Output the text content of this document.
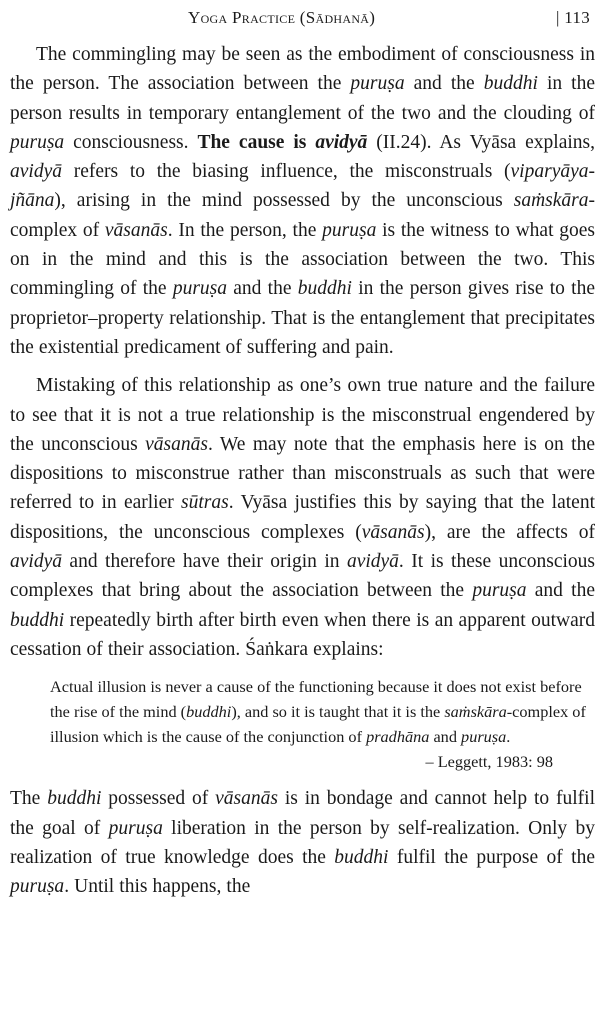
Yoga Practice (Sādhanā)	| 113

The commingling may be seen as the embodiment of consciousness in the person. The association between the puruṣa and the buddhi in the person results in temporary entanglement of the two and the clouding of puruṣa consciousness. The cause is avidyā (II.24). As Vyāsa explains, avidyā refers to the biasing influence, the misconstruals (viparyāya-jñāna), arising in the mind possessed by the unconscious saṁskāra-complex of vāsanās. In the person, the puruṣa is the witness to what goes on in the mind and this is the association between the two. This commingling of the puruṣa and the buddhi in the person gives rise to the proprietor–property relationship. That is the entanglement that precipitates the existential predicament of suffering and pain.

Mistaking of this relationship as one’s own true nature and the failure to see that it is not a true relationship is the misconstrual engendered by the unconscious vāsanās. We may note that the emphasis here is on the dispositions to misconstrue rather than misconstruals as such that were referred to in earlier sūtras. Vyāsa justifies this by saying that the latent dispositions, the unconscious complexes (vāsanās), are the affects of avidyā and therefore have their origin in avidyā. It is these unconscious complexes that bring about the association between the puruṣa and the buddhi repeatedly birth after birth even when there is an apparent outward cessation of their association. Śaṅkara explains:

Actual illusion is never a cause of the functioning because it does not exist before the rise of the mind (buddhi), and so it is taught that it is the saṁskāra-complex of illusion which is the cause of the conjunction of pradhāna and puruṣa.

– Leggett, 1983: 98

The buddhi possessed of vāsanās is in bondage and cannot help to fulfil the goal of puruṣa liberation in the person by self-realization. Only by realization of true knowledge does the buddhi fulfil the purpose of the puruṣa. Until this happens, the
